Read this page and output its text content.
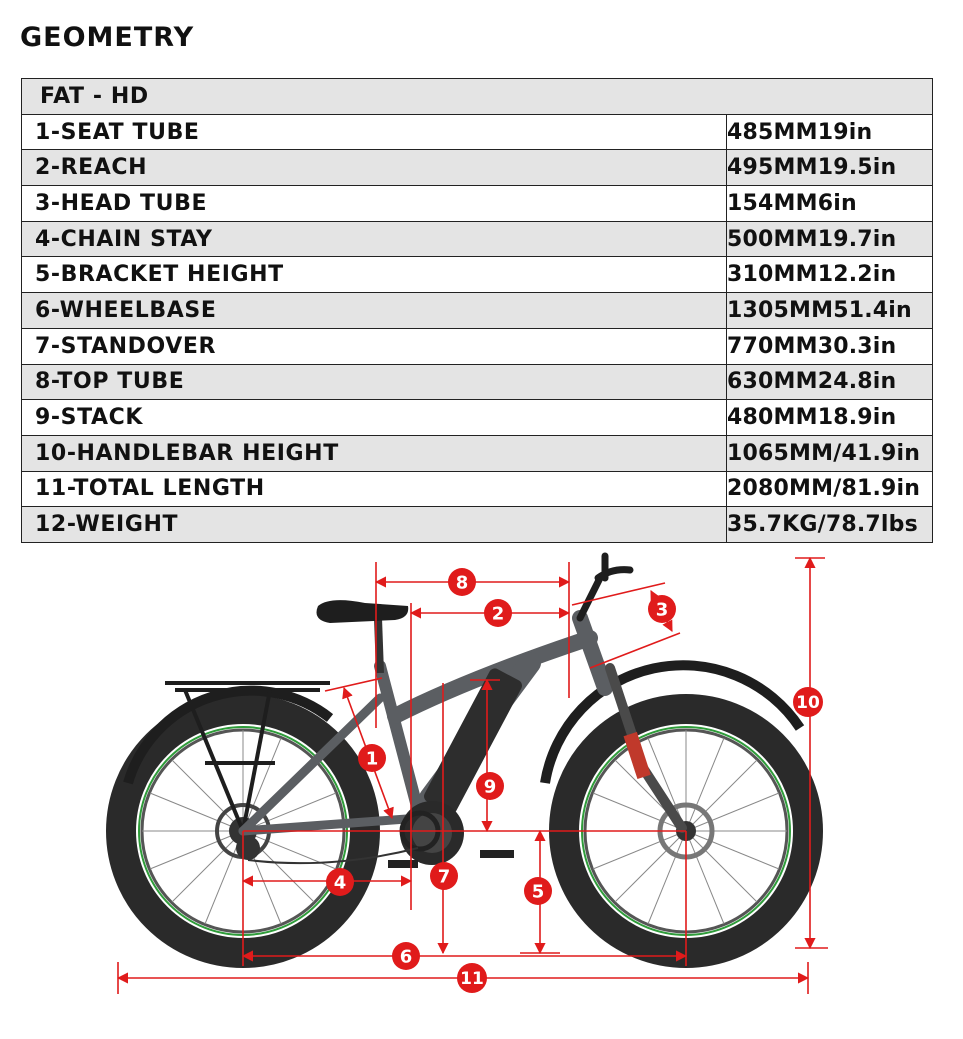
GEOMETRY
FAT - HD	
1-SEAT TUBE	485MM19in
2-REACH	495MM19.5in
3-HEAD TUBE	154MM6in
4-CHAIN STAY	500MM19.7in
5-BRACKET HEIGHT	310MM12.2in
6-WHEELBASE	1305MM51.4in
7-STANDOVER	770MM30.3in
8-TOP TUBE	630MM24.8in
9-STACK	480MM18.9in
10-HANDLEBAR HEIGHT	1065MM/41.9in
11-TOTAL LENGTH	2080MM/81.9in
12-WEIGHT	35.7KG/78.7lbs
8
2	3
1
9
10
4	7
5
6
11
